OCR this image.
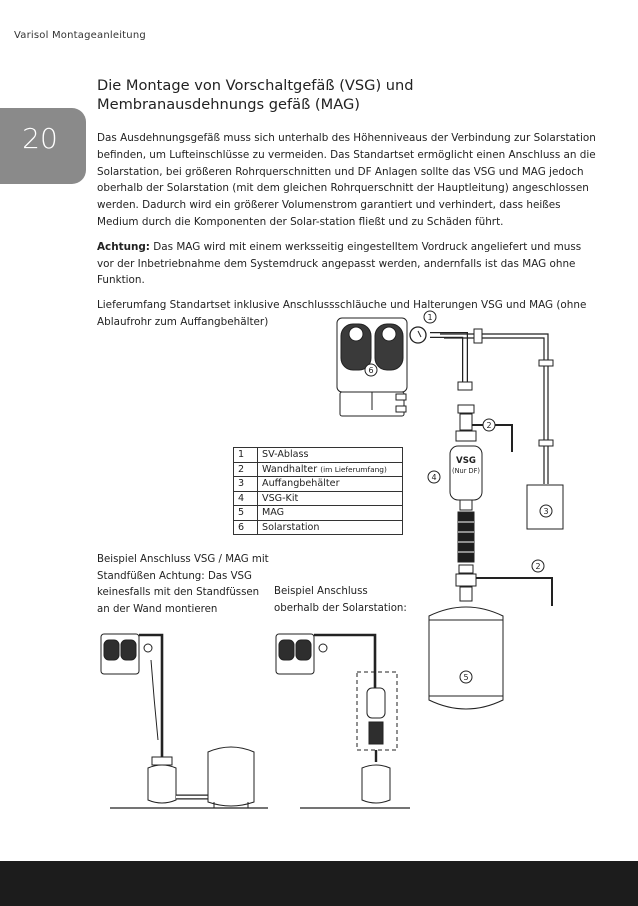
Varisol Montageanleitung
20
Die Montage von Vorschaltgefäß (VSG) und
Membranausdehnungs gefäß (MAG)

Das Ausdehnungsgefäß muss sich unterhalb des Höhenniveaus der Verbindung zur Solarstation
befinden, um Lufteinschlüsse zu vermeiden. Das Standartset ermöglicht einen Anschluss an die
Solarstation, bei größeren Rohrquerschnitten und DF Anlagen sollte das VSG und MAG jedoch
oberhalb der Solarstation (mit dem gleichen Rohrquerschnitt der Hauptleitung) angeschlossen
werden. Dadurch wird ein größerer Volumenstrom garantiert und verhindert, dass heißes
Medium durch die Komponenten der Solar-station fließt und zu Schäden führt.

Achtung: Das MAG wird mit einem werksseitig eingestelltem Vordruck angeliefert und muss
vor der Inbetriebnahme dem Systemdruck angepasst werden, andernfalls ist das MAG ohne
Funktion.

Lieferumfang Standartset inklusive Anschlussschläuche und Halterungen VSG und MAG (ohne
Ablaufrohr zum Auffangbehälter)

VSG
(Nur DF)
1
6
2
4
3
2
5
1	SV-Ablass
2	Wandhalter (im Lieferumfang)
3	Auffangbehälter
4	VSG-Kit
5	MAG
6	Solarstation
Beispiel Anschluss VSG / MAG mit
Standfüßen Achtung: Das VSG
keinesfalls mit den Standfüssen
an der Wand montieren
Beispiel Anschluss
oberhalb der Solarstation:
